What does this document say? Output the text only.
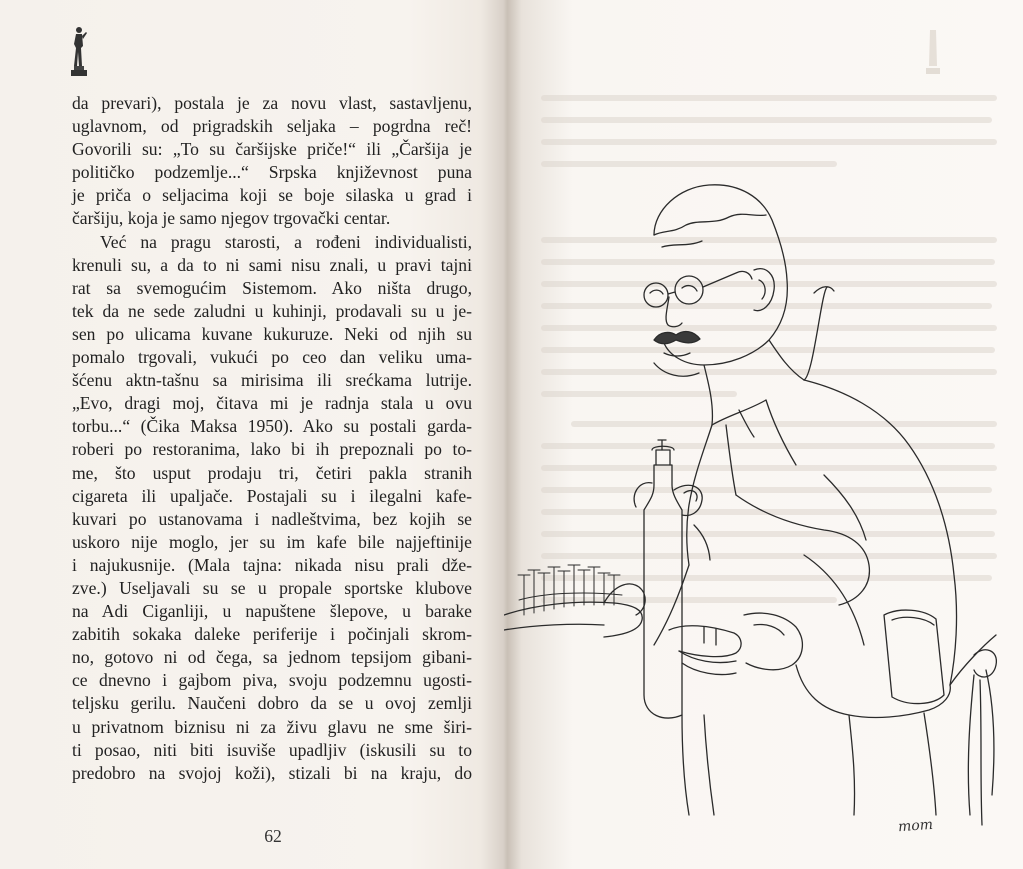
da prevari), postala je za novu vlast, sastavljenu,
uglavnom, od prigradskih seljaka – pogrdna reč!
Govorili su: „To su čaršijske priče!“ ili „Čaršija je
političko podzemlje...“ Srpska književnost puna
je priča o seljacima koji se boje silaska u grad i
čaršiju, koja je samo njegov trgovački centar.
Već na pragu starosti, a rođeni individualisti,
krenuli su, a da to ni sami nisu znali, u pravi tajni
rat sa svemogućim Sistemom. Ako ništa drugo,
tek da ne sede zaludni u kuhinji, prodavali su u je-
sen po ulicama kuvane kukuruze. Neki od njih su
pomalo trgovali, vukući po ceo dan veliku uma-
šćenu aktn-tašnu sa mirisima ili srećkama lutrije.
„Evo, dragi moj, čitava mi je radnja stala u ovu
torbu...“ (Čika Maksa 1950). Ako su postali garda-
roberi po restoranima, lako bi ih prepoznali po to-
me, što usput prodaju tri, četiri pakla stranih
cigareta ili upaljače. Postajali su i ilegalni kafe-
kuvari po ustanovama i nadleštvima, bez kojih se
uskoro nije moglo, jer su im kafe bile najjeftinije
i najukusnije. (Mala tajna: nikada nisu prali dže-
zve.) Useljavali su se u propale sportske klubove
na Adi Ciganliji, u napuštene šlepove, u barake
zabitih sokaka daleke periferije i počinjali skrom-
no, gotovo ni od čega, sa jednom tepsijom gibani-
ce dnevno i gajbom piva, svoju podzemnu ugosti-
teljsku gerilu. Naučeni dobro da se u ovoj zemlji
u privatnom biznisu ni za živu glavu ne sme širi-
ti posao, niti biti isuviše upadljiv (iskusili su to
predobro na svojoj koži), stizali bi na kraju, do
62	mom
